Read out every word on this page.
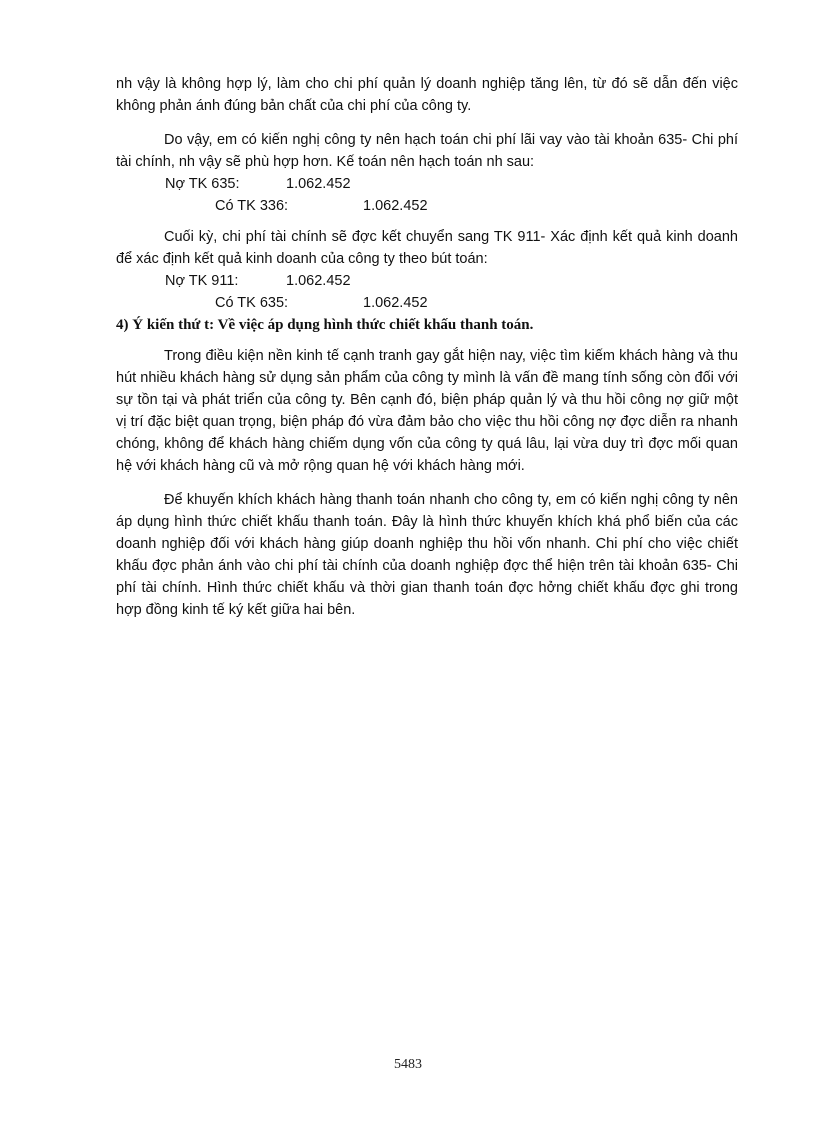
nh vậy là không hợp lý, làm cho chi phí quản lý doanh nghiệp tăng lên, từ đó sẽ dẫn đến việc không phản ánh đúng bản chất của chi phí của công ty.

Do vậy, em có kiến nghị công ty nên hạch toán chi phí lãi vay vào tài khoản 635- Chi phí tài chính, nh vậy sẽ phù hợp hơn. Kế toán nên hạch toán nh sau:

Nợ TK 635:	1.062.452
Có TK 336:	1.062.452

Cuối kỳ, chi phí tài chính sẽ đợc kết chuyển sang TK 911- Xác định kết quả kinh doanh để xác định kết quả kinh doanh của công ty theo bút toán:

Nợ TK 911:	1.062.452
Có TK 635:	1.062.452
4) Ý kiến thứ t: Về việc áp dụng hình thức chiết khấu thanh toán.

Trong điều kiện nền kinh tế cạnh tranh gay gắt hiện nay, việc tìm kiếm khách hàng và thu hút nhiều khách hàng sử dụng sản phẩm của công ty mình là vấn đề mang tính sống còn đối với sự tồn tại và phát triển của công ty. Bên cạnh đó, biện pháp quản lý và thu hồi công nợ giữ một vị trí đặc biệt quan trọng, biện pháp đó vừa đảm bảo cho việc thu hồi công nợ đợc diễn ra nhanh chóng, không để khách hàng chiếm dụng vốn của công ty quá lâu, lại vừa duy trì đợc mối quan hệ với khách hàng cũ và mở rộng quan hệ với khách hàng mới.

Để khuyến khích khách hàng thanh toán nhanh cho công ty, em có kiến nghị công ty nên áp dụng hình thức chiết khấu thanh toán. Đây là hình thức khuyến khích khá phổ biến của các doanh nghiệp đối với khách hàng giúp doanh nghiệp thu hồi vốn nhanh. Chi phí cho việc chiết khấu đợc phản ánh vào chi phí tài chính của doanh nghiệp đợc thể hiện trên tài khoản 635- Chi phí tài chính. Hình thức chiết khấu và thời gian thanh toán đợc hởng chiết khấu đợc ghi trong hợp đồng kinh tế ký kết giữa hai bên.

5483
